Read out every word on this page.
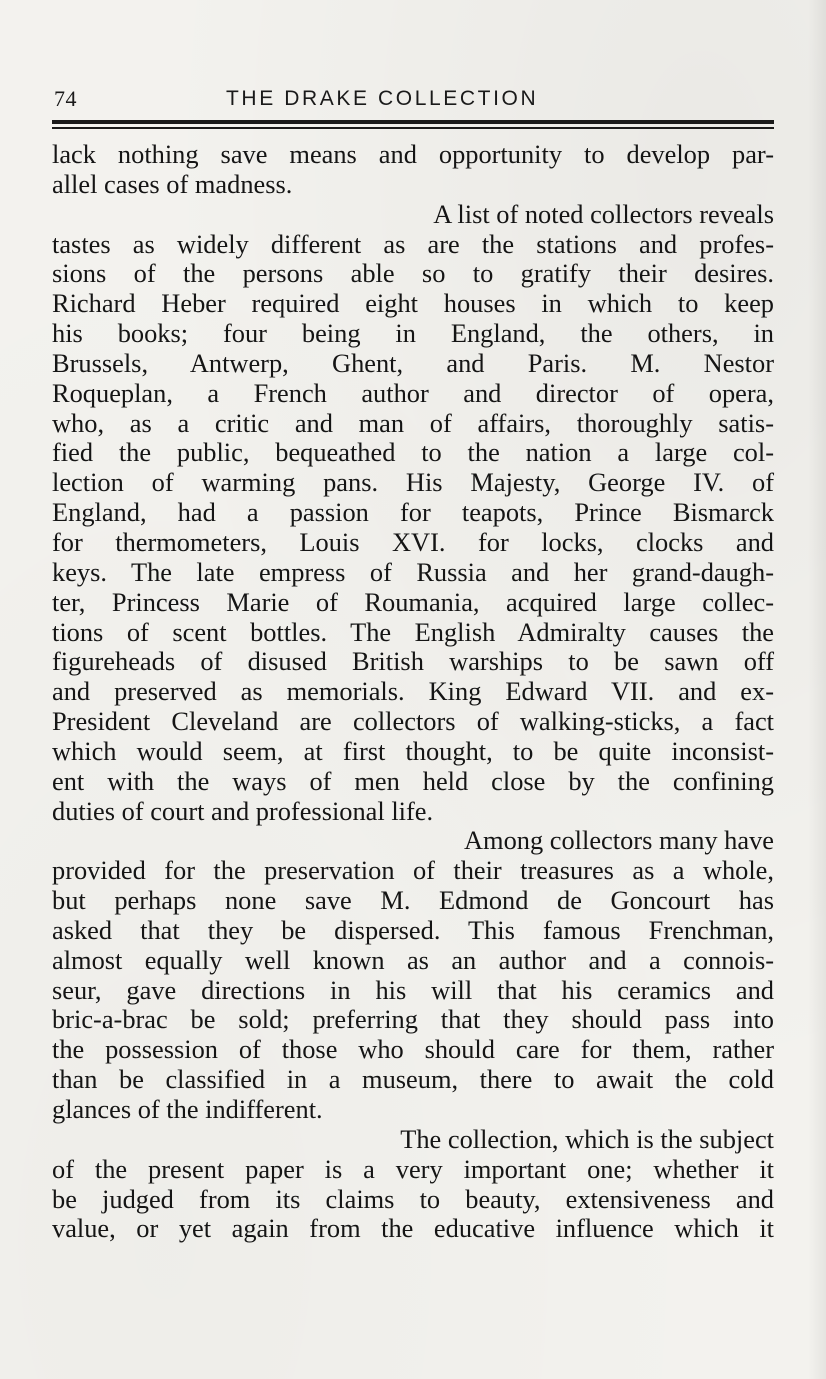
74	THE DRAKE COLLECTION
lack nothing save means and opportunity to develop par-
allel cases of madness.
A list of noted collectors reveals
tastes as widely different as are the stations and profes-
sions of the persons able so to gratify their desires.
Richard Heber required eight houses in which to keep
his books; four being in England, the others, in
Brussels, Antwerp, Ghent, and Paris. M. Nestor
Roqueplan, a French author and director of opera,
who, as a critic and man of affairs, thoroughly satis-
fied the public, bequeathed to the nation a large col-
lection of warming pans. His Majesty, George IV. of
England, had a passion for teapots, Prince Bismarck
for thermometers, Louis XVI. for locks, clocks and
keys. The late empress of Russia and her grand-daugh-
ter, Princess Marie of Roumania, acquired large collec-
tions of scent bottles. The English Admiralty causes the
figureheads of disused British warships to be sawn off
and preserved as memorials. King Edward VII. and ex-
President Cleveland are collectors of walking-sticks, a fact
which would seem, at first thought, to be quite inconsist-
ent with the ways of men held close by the confining
duties of court and professional life.
Among collectors many have
provided for the preservation of their treasures as a whole,
but perhaps none save M. Edmond de Goncourt has
asked that they be dispersed. This famous Frenchman,
almost equally well known as an author and a connois-
seur, gave directions in his will that his ceramics and
bric-a-brac be sold; preferring that they should pass into
the possession of those who should care for them, rather
than be classified in a museum, there to await the cold
glances of the indifferent.
The collection, which is the subject
of the present paper is a very important one; whether it
be judged from its claims to beauty, extensiveness and
value, or yet again from the educative influence which it
